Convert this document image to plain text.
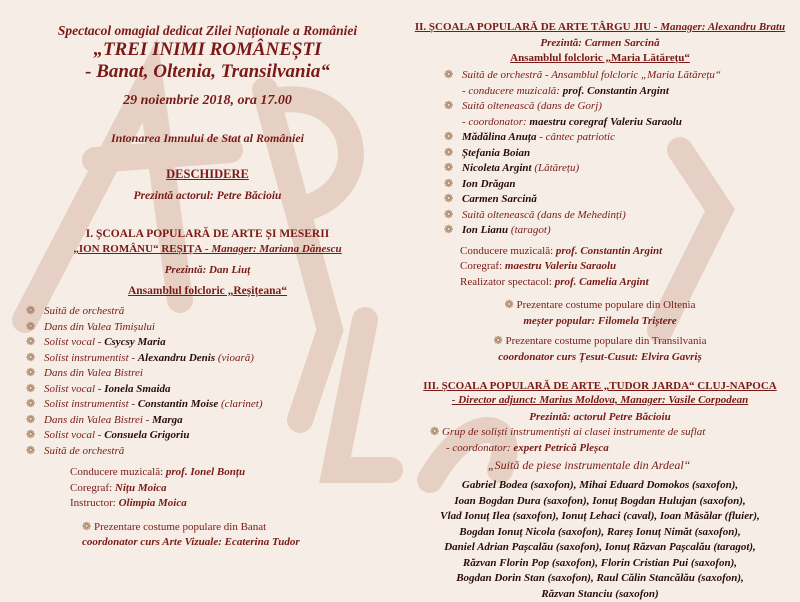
Spectacol omagial dedicat Zilei Naționale a României
„TREI INIMI ROMÂNEȘTI
- Banat, Oltenia, Transilvania“
29 noiembrie 2018, ora 17.00
Intonarea Imnului de Stat al României
DESCHIDERE
Prezintă actorul: Petre Băcioiu
I. ȘCOALA POPULARĂ DE ARTE ȘI MESERII
„ION ROMÂNU“ REȘIȚA - Manager: Mariana Dănescu
Prezintă: Dan Liuț
Ansamblul folcloric „Reșițeana“
❁ Suită de orchestră
❁ Dans din Valea Timișului
❁ Solist vocal - Csycsy Maria
❁ Solist instrumentist - Alexandru Denis (vioară)
❁ Dans din Valea Bistrei
❁ Solist vocal - Ionela Smaida
❁ Solist instrumentist - Constantin Moise (clarinet)
❁ Dans din Valea Bistrei - Marga
❁ Solist vocal - Consuela Grigoriu
❁ Suită de orchestră
Conducere muzicală: prof. Ionel Bonțu
Coregraf: Nițu Moica
Instructor: Olimpia Moica
❁ Prezentare costume populare din Banat
coordonator curs Arte Vizuale: Ecaterina Tudor
II. ȘCOALA POPULARĂ DE ARTE TÂRGU JIU - Manager: Alexandru Bratu
Prezintă: Carmen Sarcină
Ansamblul folcloric „Maria Lătărețu“
❁ Suită de orchestră - Ansamblul folcloric „Maria Lătărețu“
- conducere muzicală: prof. Constantin Argint
❁ Suită oltenească (dans de Gorj)
- coordonator: maestru coregraf Valeriu Saraolu
❁ Mădălina Anuța - cântec patriotic
❁ Ștefania Boian
❁ Nicoleta Argint (Lătărețu)
❁ Ion Drăgan
❁ Carmen Sarcină
❁ Suită oltenească (dans de Mehedinți)
❁ Ion Lianu (taragot)
Conducere muzicală: prof. Constantin Argint
Coregraf: maestru Valeriu Saraolu
Realizator spectacol: prof. Camelia Argint
❁ Prezentare costume populare din Oltenia
meșter popular: Filomela Triștere
❁ Prezentare costume populare din Transilvania
coordonator curs Țesut-Cusut: Elvira Gavriș
III. ȘCOALA POPULARĂ DE ARTE „TUDOR JARDA“ CLUJ-NAPOCA
- Director adjunct: Marius Moldova, Manager: Vasile Corpodean
Prezintă: actorul Petre Băcioiu
❁ Grup de soliști instrumentiști ai clasei instrumente de suflat
- coordonator: expert Petrică Pleșca
„Suită de piese instrumentale din Ardeal“
Gabriel Bodea (saxofon), Mihai Eduard Domokos (saxofon),
Ioan Bogdan Dura (saxofon), Ionuț Bogdan Hulujan (saxofon),
Vlad Ionuț Ilea (saxofon), Ionuț Lehaci (caval), Ioan Măsălar (fluier),
Bogdan Ionuț Nicola (saxofon), Rareș Ionuț Nimăt (saxofon),
Daniel Adrian Pașcalău (saxofon), Ionuț Răzvan Pașcalău (taragot),
Răzvan Florin Pop (saxofon), Florin Cristian Pui (saxofon),
Bogdan Dorin Stan (saxofon), Raul Călin Stancălău (saxofon),
Răzvan Stanciu (saxofon)
